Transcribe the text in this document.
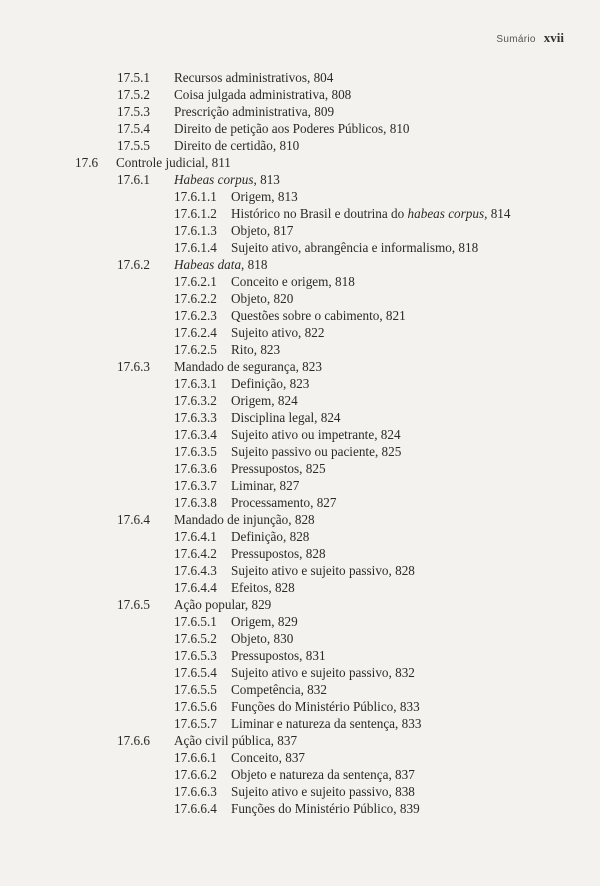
Sumário xvii
17.5.1 Recursos administrativos , 804
17.5.2 Coisa julgada administrativa , 808
17.5.3 Prescrição administrativa , 809
17.5.4 Direito de petição aos Poderes Públicos , 810
17.5.5 Direito de certidão , 810
17.6 Controle judicial , 811
17.6.1 Habeas corpus , 813
17.6.1.1 Origem , 813
17.6.1.2 Histórico no Brasil e doutrina do habeas corpus , 814
17.6.1.3 Objeto , 817
17.6.1.4 Sujeito ativo, abrangência e informalismo , 818
17.6.2 Habeas data , 818
17.6.2.1 Conceito e origem , 818
17.6.2.2 Objeto , 820
17.6.2.3 Questões sobre o cabimento , 821
17.6.2.4 Sujeito ativo , 822
17.6.2.5 Rito , 823
17.6.3 Mandado de segurança , 823
17.6.3.1 Definição , 823
17.6.3.2 Origem , 824
17.6.3.3 Disciplina legal , 824
17.6.3.4 Sujeito ativo ou impetrante , 824
17.6.3.5 Sujeito passivo ou paciente , 825
17.6.3.6 Pressupostos , 825
17.6.3.7 Liminar , 827
17.6.3.8 Processamento , 827
17.6.4 Mandado de injunção , 828
17.6.4.1 Definição , 828
17.6.4.2 Pressupostos , 828
17.6.4.3 Sujeito ativo e sujeito passivo , 828
17.6.4.4 Efeitos , 828
17.6.5 Ação popular , 829
17.6.5.1 Origem , 829
17.6.5.2 Objeto , 830
17.6.5.3 Pressupostos , 831
17.6.5.4 Sujeito ativo e sujeito passivo , 832
17.6.5.5 Competência , 832
17.6.5.6 Funções do Ministério Público , 833
17.6.5.7 Liminar e natureza da sentença , 833
17.6.6 Ação civil pública , 837
17.6.6.1 Conceito , 837
17.6.6.2 Objeto e natureza da sentença , 837
17.6.6.3 Sujeito ativo e sujeito passivo , 838
17.6.6.4 Funções do Ministério Público , 839
